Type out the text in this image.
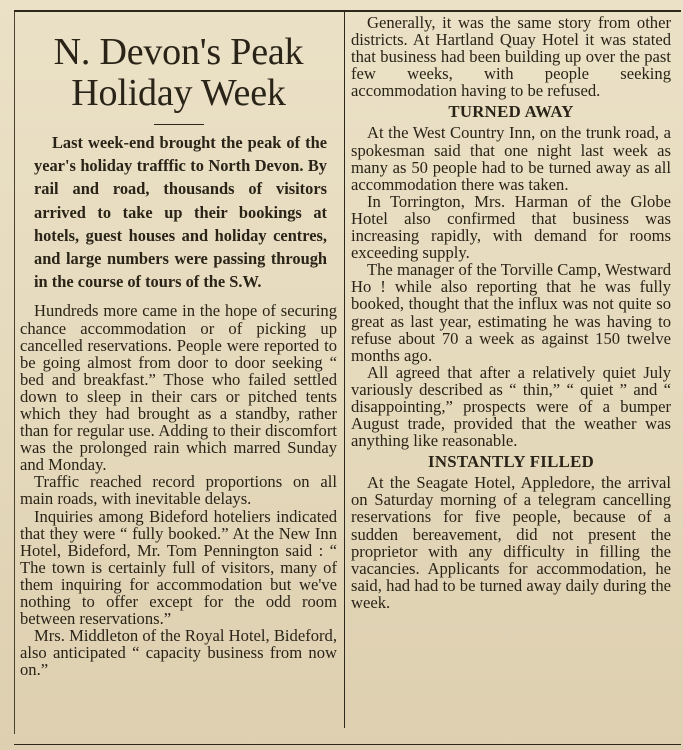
N. Devon's Peak
Holiday Week

Last week-end brought the peak of the year's holiday trafffic to North Devon. By rail and road, thousands of visitors arrived to take up their bookings at hotels, guest houses and holiday centres, and large numbers were passing through in the course of tours of the S.W.

Hundreds more came in the hope of securing chance accommodation or of picking up cancelled reservations. People were reported to be going almost from door to door seeking “ bed and breakfast.” Those who failed settled down to sleep in their cars or pitched tents which they had brought as a standby, rather than for regular use. Adding to their discomfort was the prolonged rain which marred Sunday and Monday.

Traffic reached record proportions on all main roads, with inevitable delays.

Inquiries among Bideford hoteliers indicated that they were “ fully booked.” At the New Inn Hotel, Bideford, Mr. Tom Pennington said : “ The town is certainly full of visitors, many of them inquiring for accommodation but we've nothing to offer except for the odd room between reservations.”

Mrs. Middleton of the Royal Hotel, Bideford, also anticipated “ capacity business from now on.”

Generally, it was the same story from other districts. At Hartland Quay Hotel it was stated that business had been building up over the past few weeks, with people seeking accommodation having to be refused.

TURNED AWAY

At the West Country Inn, on the trunk road, a spokesman said that one night last week as many as 50 people had to be turned away as all accommodation there was taken.

In Torrington, Mrs. Harman of the Globe Hotel also confirmed that business was increasing rapidly, with demand for rooms exceeding supply.

The manager of the Torville Camp, Westward Ho ! while also reporting that he was fully booked, thought that the influx was not quite so great as last year, estimating he was having to refuse about 70 a week as against 150 twelve months ago.

All agreed that after a relatively quiet July variously described as “ thin,” “ quiet ” and “ disappointing,” prospects were of a bumper August trade, provided that the weather was anything like reasonable.

INSTANTLY FILLED

At the Seagate Hotel, Appledore, the arrival on Saturday morning of a telegram cancelling reservations for five people, because of a sudden bereavement, did not present the proprietor with any difficulty in filling the vacancies. Applicants for accommodation, he said, had had to be turned away daily during the week.
